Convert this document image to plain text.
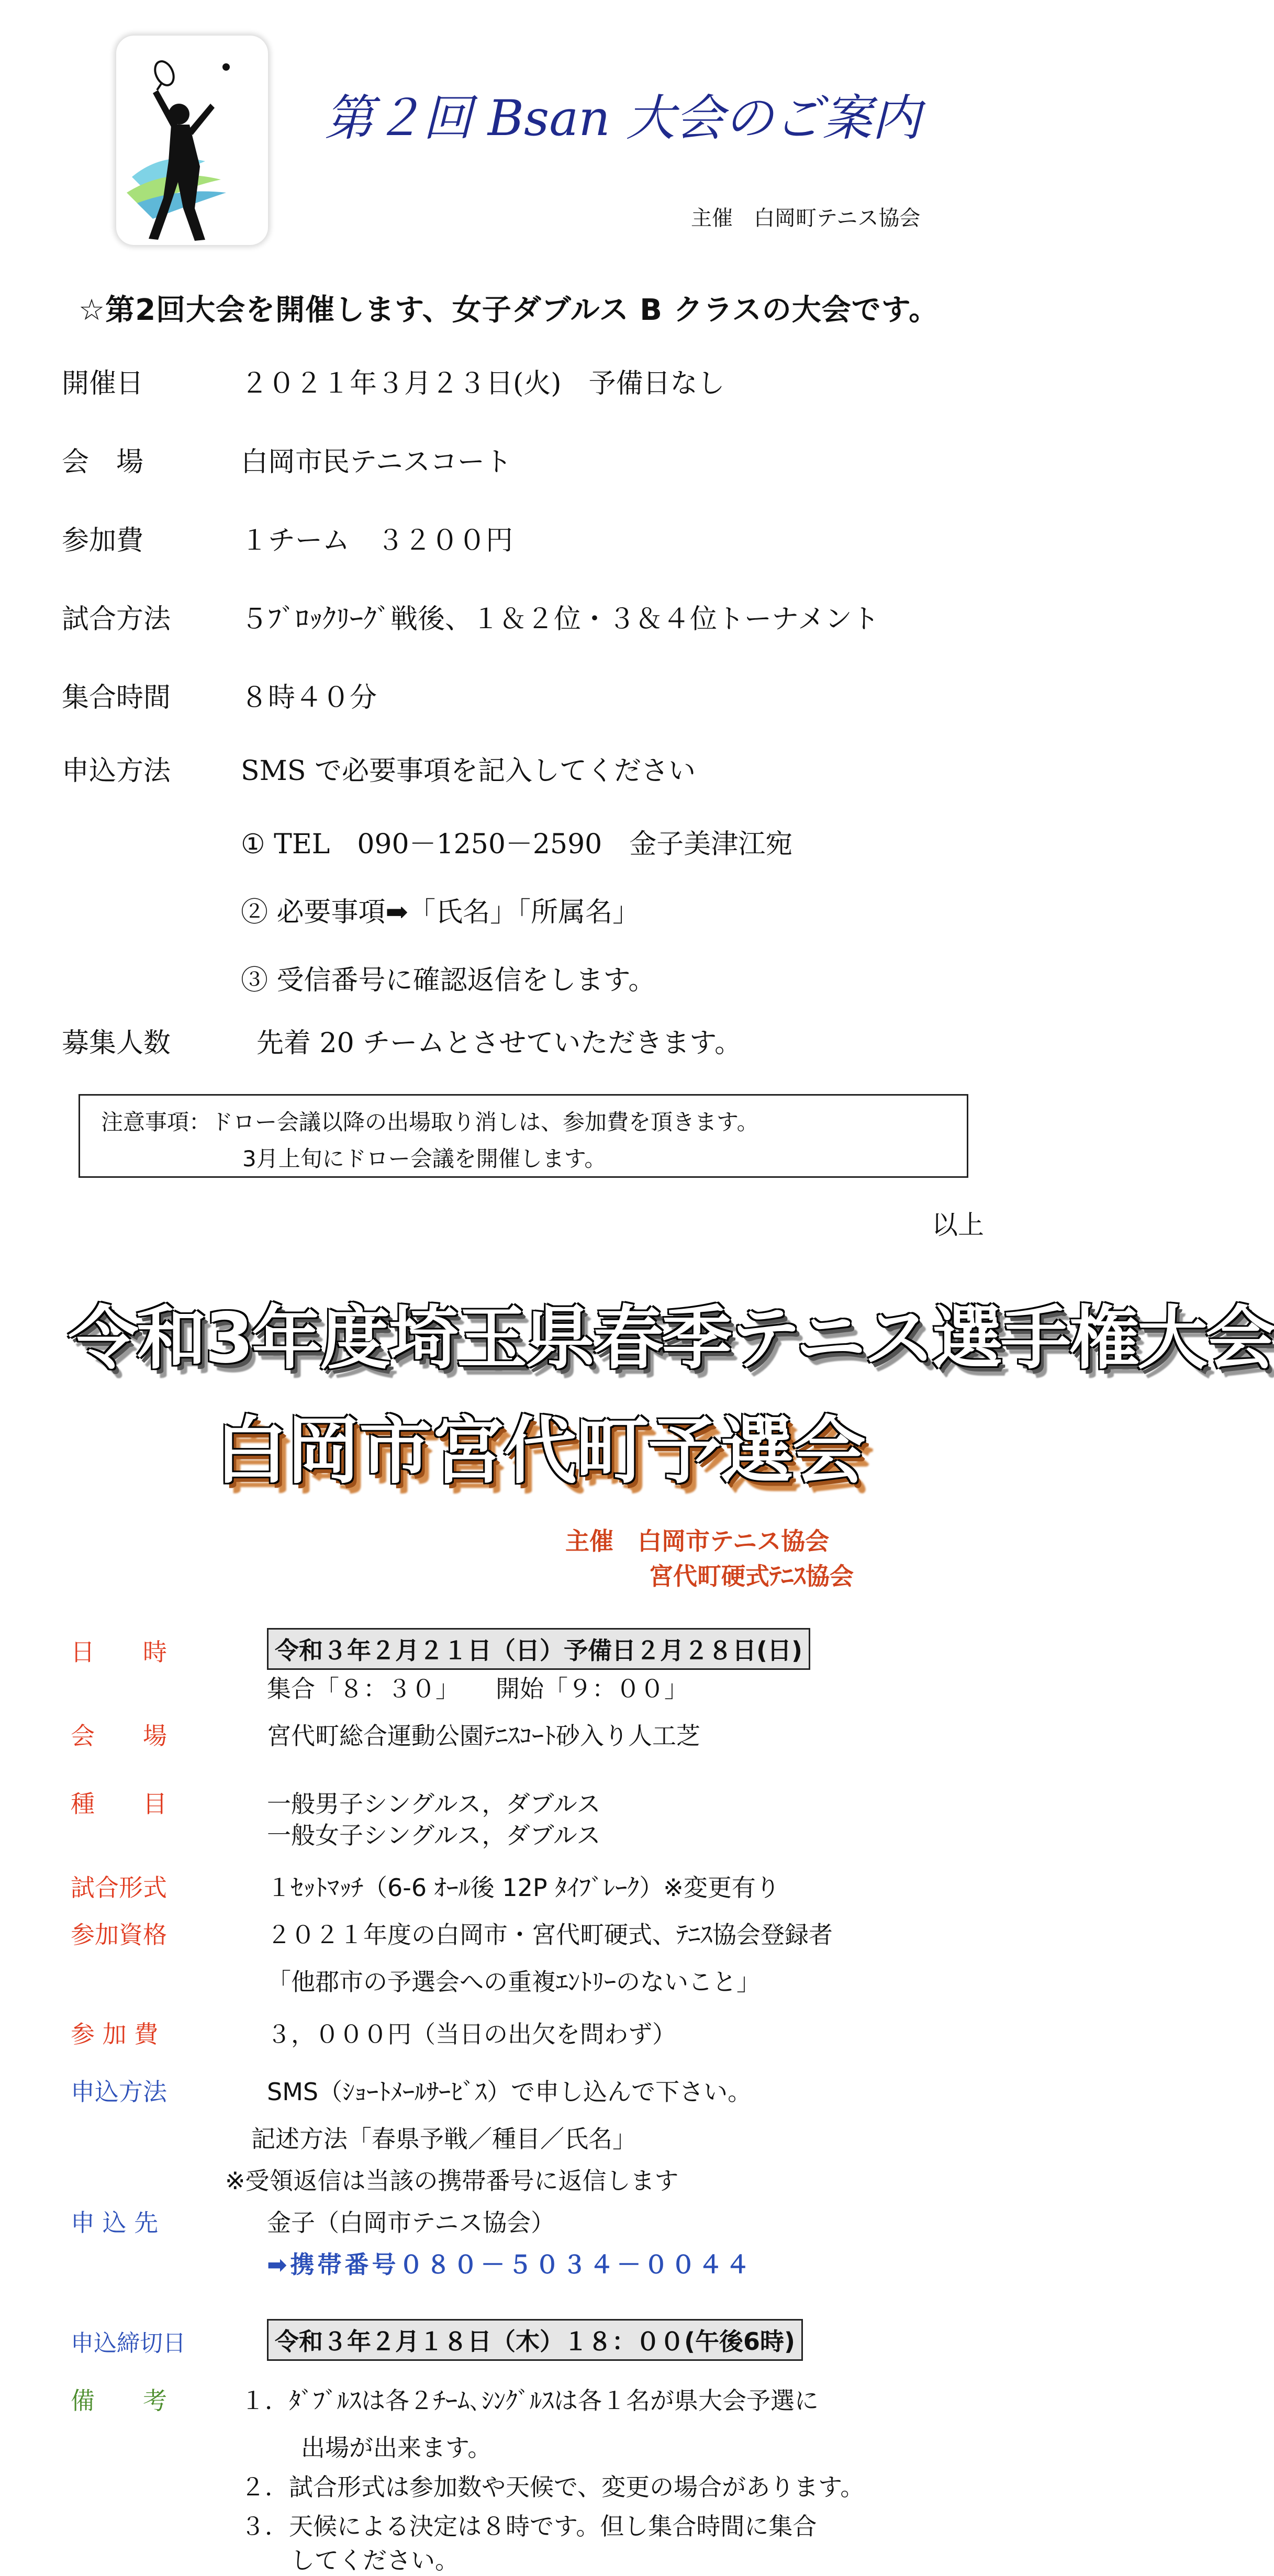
第２回 Bsan 大会のご案内
主催　白岡町テニス協会
☆第2回大会を開催します、女子ダブルス B クラスの大会です。
開催日	２０２１年３月２３日(火)　予備日なし
会　場	白岡市民テニスコート
参加費	１チーム　３２００円
試合方法	５ﾌﾞﾛｯｸﾘｰｸﾞ戦後、１＆２位・３＆４位トーナメント
集合時間	８時４０分
申込方法	SMS で必要事項を記入してください
① TEL　090－1250－2590　金子美津江宛
② 必要事項➡「氏名」「所属名」
③ 受信番号に確認返信をします。
募集人数	先着 20 チームとさせていただきます。
注意事項：ドロー会議以降の出場取り消しは、参加費を頂きます。
3月上旬にドロー会議を開催します。
以上
令和3年度埼玉県春季テニス選手権大会
白岡市宮代町予選会
主催　白岡市テニス協会
宮代町硬式ﾃﾆｽ協会
日　　時	令和３年２月２１日（日）予備日２月２８日(日)
集合「８：３０」　　開始「９：００」
会　　場	宮代町総合運動公園ﾃﾆｽｺｰﾄ砂入り人工芝
種　　目	一般男子シングルス，ダブルス
一般女子シングルス，ダブルス
試合形式	１ｾｯﾄﾏｯﾁ（6-6 ｵｰﾙ後 12P ﾀｲﾌﾞﾚｰｸ）※変更有り
参加資格	２０２１年度の白岡市・宮代町硬式、ﾃﾆｽ協会登録者
「他郡市の予選会への重複ｴﾝﾄﾘｰのないこと」
参 加 費	３，０００円（当日の出欠を問わず）
申込方法	SMS（ｼｮｰﾄﾒｰﾙｻｰﾋﾞｽ）で申し込んで下さい。
記述方法「春県予戦／種目／氏名」
※受領返信は当該の携帯番号に返信します
申 込 先	金子（白岡市テニス協会）
➡携帯番号０８０－５０３４－００４４
申込締切日	令和３年２月１８日（木）１８：００(午後6時)
備　　考	１．ﾀﾞﾌﾞﾙｽは各２ﾁｰﾑ､ｼﾝｸﾞﾙｽは各１名が県大会予選に
出場が出来ます。
２．試合形式は参加数や天候で、変更の場合があります。
３．天候による決定は８時です。但し集合時間に集合
してください。
